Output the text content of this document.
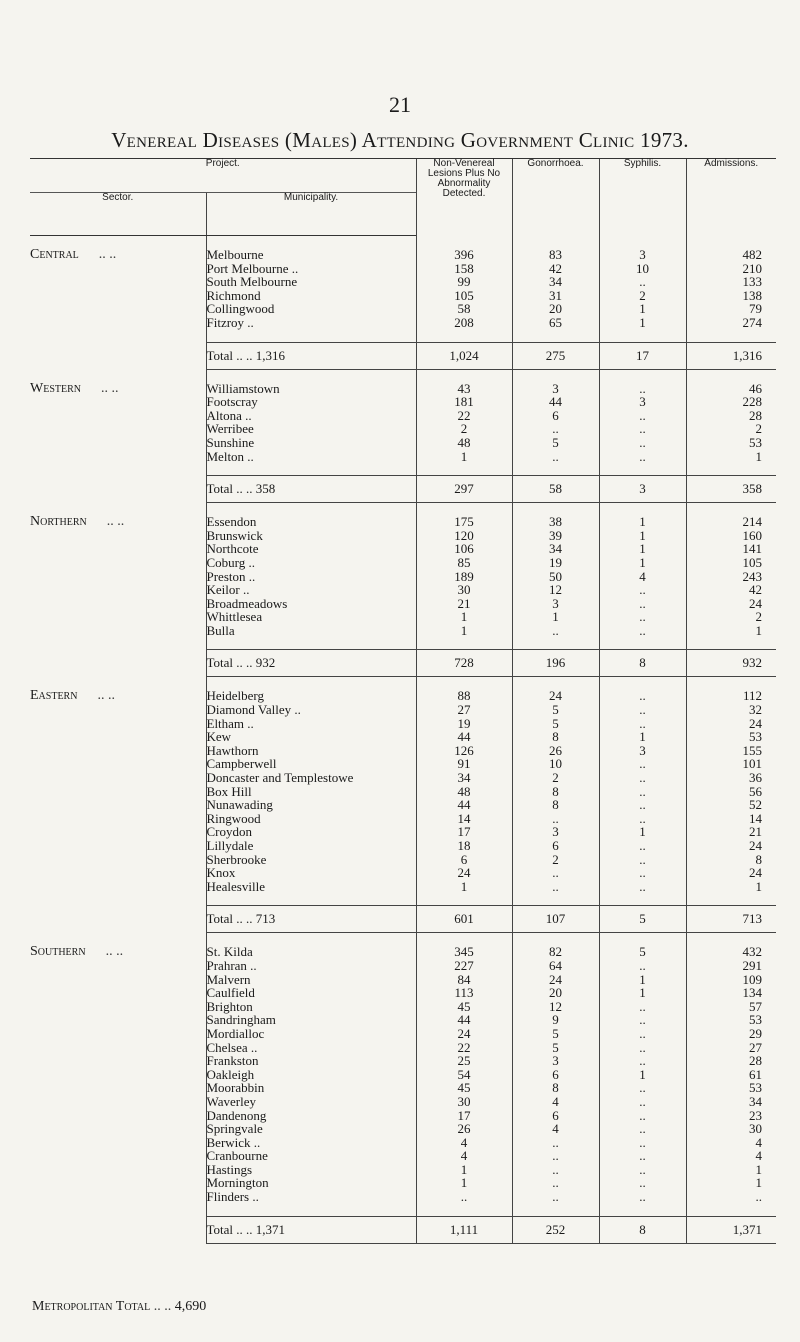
21
Venereal Diseases (Males) Attending Government Clinic 1973.
Project.		Non-Venereal Lesions Plus No Abnormality Detected.	Gonorrhoea.	Syphilis.	Admissions.
Sector.	Municipality.				

Central .. ..	Melbourne	396	83	3	482
	Port Melbourne ..	158	42	10	210
	South Melbourne	99	34	..	133
	Richmond	105	31	2	138
	Collingwood	58	20	1	79
	Fitzroy ..	208	65	1	274

	Total .. .. 1,316	1,024	275	17	1,316

Western .. ..	Williamstown	43	3	..	46
	Footscray	181	44	3	228
	Altona ..	22	6	..	28
	Werribee	2	..	..	2
	Sunshine	48	5	..	53
	Melton ..	1	..	..	1

	Total .. .. 358	297	58	3	358

Northern .. ..	Essendon	175	38	1	214
	Brunswick	120	39	1	160
	Northcote	106	34	1	141
	Coburg ..	85	19	1	105
	Preston ..	189	50	4	243
	Keilor ..	30	12	..	42
	Broadmeadows	21	3	..	24
	Whittlesea	1	1	..	2
	Bulla	1	..	..	1

	Total .. .. 932	728	196	8	932

Eastern .. ..	Heidelberg	88	24	..	112
	Diamond Valley ..	27	5	..	32
	Eltham ..	19	5	..	24
	Kew	44	8	1	53
	Hawthorn	126	26	3	155
	Campberwell	91	10	..	101
	Doncaster and Templestowe	34	2	..	36
	Box Hill	48	8	..	56
	Nunawading	44	8	..	52
	Ringwood	14	..	..	14
	Croydon	17	3	1	21
	Lillydale	18	6	..	24
	Sherbrooke	6	2	..	8
	Knox	24	..	..	24
	Healesville	1	..	..	1

	Total .. .. 713	601	107	5	713

Southern .. ..	St. Kilda	345	82	5	432
	Prahran ..	227	64	..	291
	Malvern	84	24	1	109
	Caulfield	113	20	1	134
	Brighton	45	12	..	57
	Sandringham	44	9	..	53
	Mordialloc	24	5	..	29
	Chelsea ..	22	5	..	27
	Frankston	25	3	..	28
	Oakleigh	54	6	1	61
	Moorabbin	45	8	..	53
	Waverley	30	4	..	34
	Dandenong	17	6	..	23
	Springvale	26	4	..	30
	Berwick ..	4	..	..	4
	Cranbourne	4	..	..	4
	Hastings	1	..	..	1
	Mornington	1	..	..	1
	Flinders ..	..	..	..	..

	Total .. .. 1,371	1,111	252	8	1,371
Metropolitan Total .. .. 4,690
